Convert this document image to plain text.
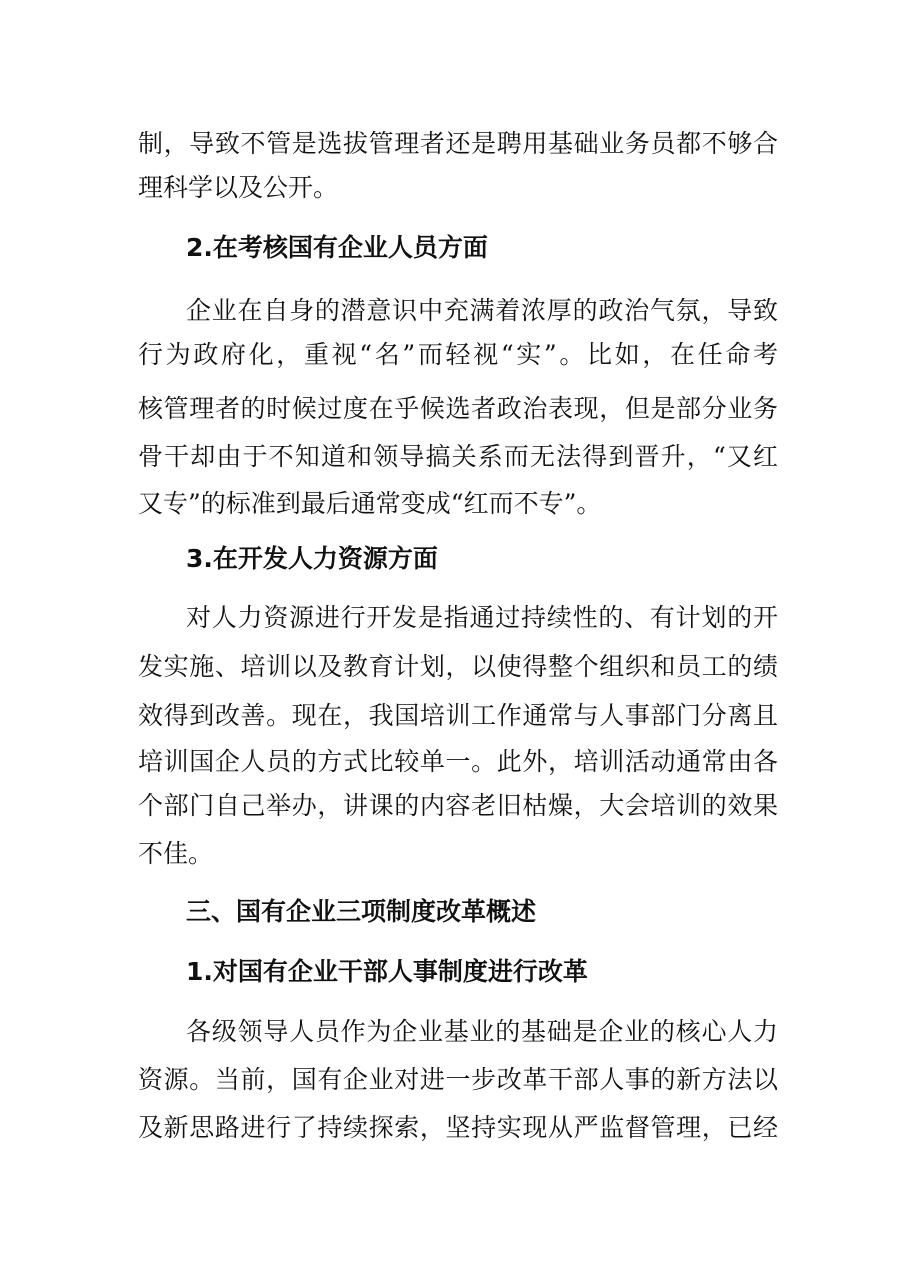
制，导致不管是选拔管理者还是聘用基础业务员都不够合
理科学以及公开。
2.在考核国有企业人员方面
企业在自身的潜意识中充满着浓厚的政治气氛，导致
行为政府化，重视“名”而轻视“实”。比如，在任命考
核管理者的时候过度在乎候选者政治表现，但是部分业务
骨干却由于不知道和领导搞关系而无法得到晋升，“又红
又专”的标准到最后通常变成“红而不专”。
3.在开发人力资源方面
对人力资源进行开发是指通过持续性的、有计划的开
发实施、培训以及教育计划，以使得整个组织和员工的绩
效得到改善。现在，我国培训工作通常与人事部门分离且
培训国企人员的方式比较单一。此外，培训活动通常由各
个部门自己举办，讲课的内容老旧枯燥，大会培训的效果
不佳。
三、国有企业三项制度改革概述
1.对国有企业干部人事制度进行改革
各级领导人员作为企业基业的基础是企业的核心人力
资源。当前，国有企业对进一步改革干部人事的新方法以
及新思路进行了持续探索，坚持实现从严监督管理，已经
